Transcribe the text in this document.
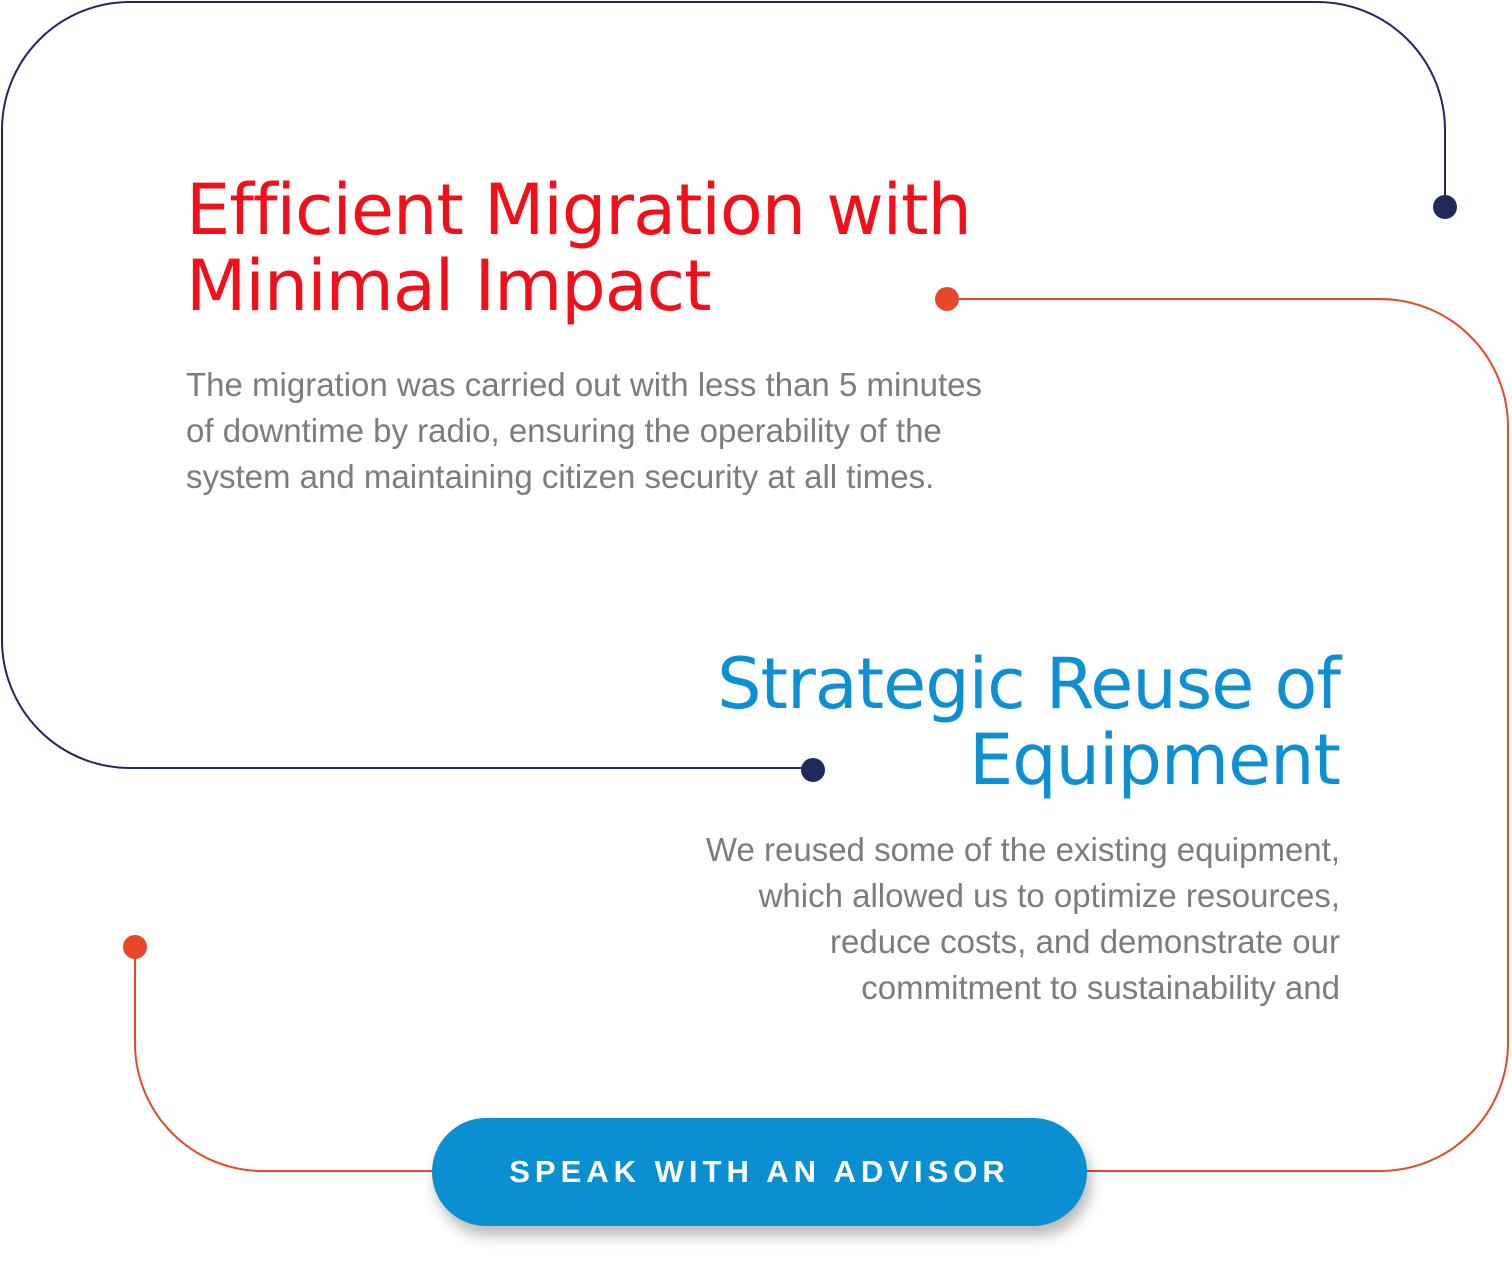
Efficient Migration with
Minimal Impact

The migration was carried out with less than 5 minutes
of downtime by radio, ensuring the operability of the
system and maintaining citizen security at all times.

Strategic Reuse of
Equipment

We reused some of the existing equipment,
which allowed us to optimize resources,
reduce costs, and demonstrate our
commitment to sustainability and

SPEAK WITH AN ADVISOR
